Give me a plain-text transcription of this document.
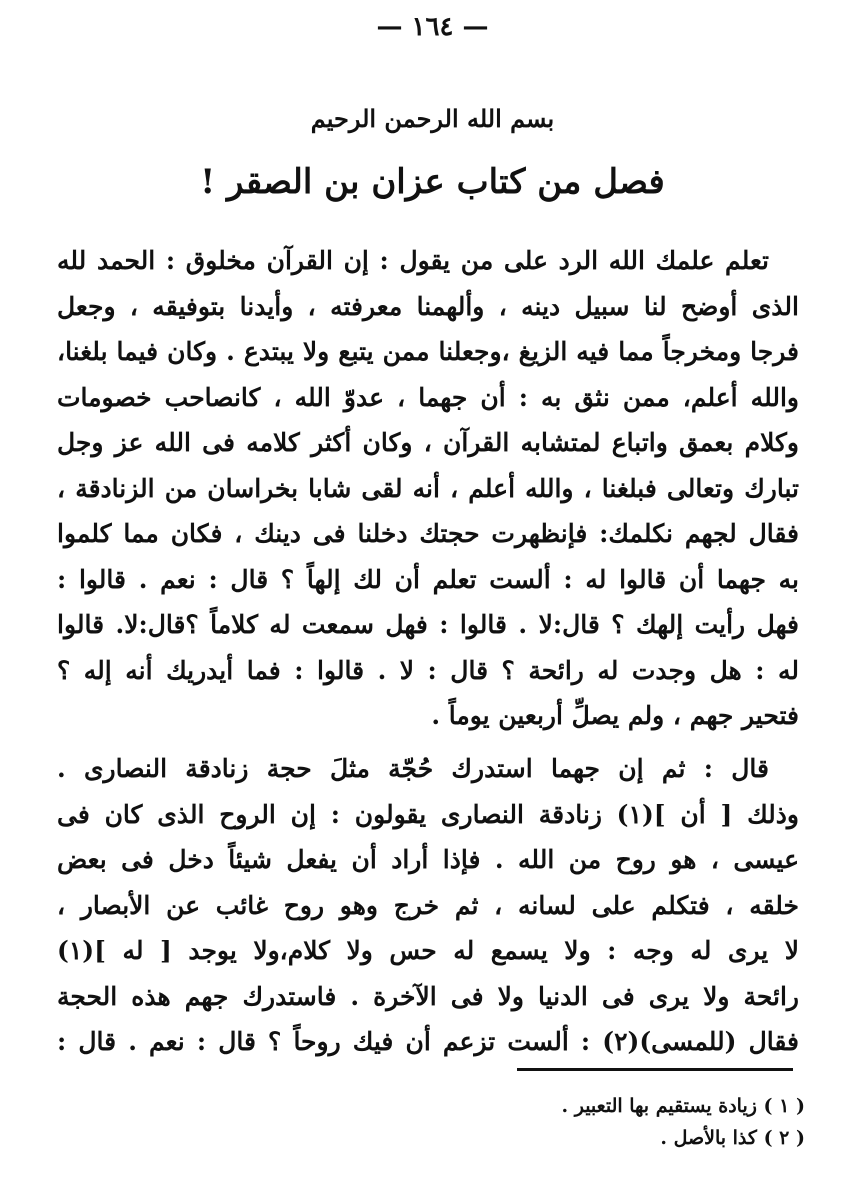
— ١٦٤ —
بسم الله الرحمن الرحيم
فصل من كتاب عزان بن الصقر !
تعلم علمك الله الرد على من يقول : إن القرآن مخلوق : الحمد لله
الذى أوضح لنا سبيل دينه ، وألهمنا معرفته ، وأيدنا بتوفيقه ، وجعل
فرجا ومخرجاً مما فيه الزيغ ،وجعلنا ممن يتبع ولا يبتدع . وكان فيما بلغنا،
والله أعلم، ممن نثق به : أن جهما ، عدوّ الله ، كانصاحب خصومات
وكلام بعمق واتباع لمتشابه القرآن ، وكان أكثر كلامه فى الله عز وجل
تبارك وتعالى فبلغنا ، والله أعلم ، أنه لقى شابا بخراسان من الزنادقة ،
فقال لجهم نكلمك: فإنظهرت حجتك دخلنا فى دينك ، فكان مما كلموا
به جهما أن قالوا له : ألست تعلم أن لك إلهاً ؟ قال : نعم . قالوا :
فهل رأيت إلهك ؟ قال:لا . قالوا : فهل سمعت له كلاماً ؟قال:لا. قالوا
له : هل وجدت له رائحة ؟ قال : لا . قالوا : فما أيدريك أنه إله ؟
فتحير جهم ، ولم يصلِّ أربعين يوماً .
قال : ثم إن جهما استدرك حُجّة مثلَ حجة زنادقة النصارى .
وذلك [ أن ](١) زنادقة النصارى يقولون : إن الروح الذى كان فى
عيسى ، هو روح من الله . فإذا أراد أن يفعل شيئاً دخل فى بعض
خلقه ، فتكلم على لسانه ، ثم خرج وهو روح غائب عن الأبصار ،
لا يرى له وجه : ولا يسمع له حس ولا كلام،ولا يوجد [ له ](١)
رائحة ولا يرى فى الدنيا ولا فى الآخرة . فاستدرك جهم هذه الحجة
فقال (للمسى)(٢) : ألست تزعم أن فيك روحاً ؟ قال : نعم . قال :
( ١ ) زيادة يستقيم بها التعبير .
( ٢ ) كذا بالأصل .
